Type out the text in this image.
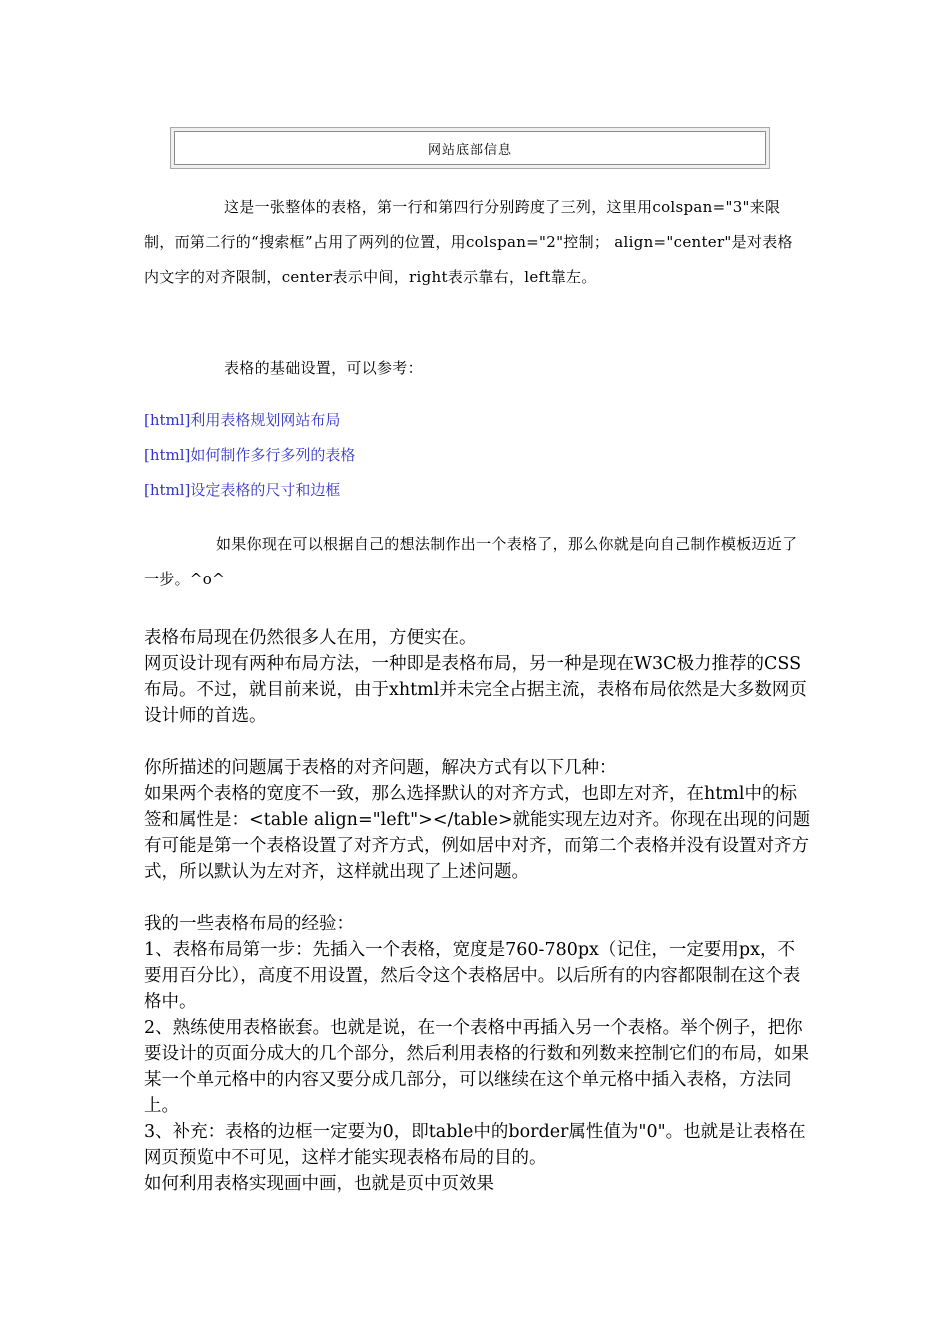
网站底部信息

这是一张整体的表格，第一行和第四行分别跨度了三列，这里用colspan="3"来限制，而第二行的“搜索框”占用了两列的位置，用colspan="2"控制； align="center"是对表格内文字的对齐限制，center表示中间，right表示靠右，left靠左。

表格的基础设置，可以参考：

[html]利用表格规划网站布局
[html]如何制作多行多列的表格
[html]设定表格的尺寸和边框

如果你现在可以根据自己的想法制作出一个表格了，那么你就是向自己制作模板迈近了一步。^o^

表格布局现在仍然很多人在用，方便实在。

网页设计现有两种布局方法，一种即是表格布局，另一种是现在W3C极力推荐的CSS布局。不过，就目前来说，由于xhtml并未完全占据主流，表格布局依然是大多数网页设计师的首选。

你所描述的问题属于表格的对齐问题，解决方式有以下几种：

如果两个表格的宽度不一致，那么选择默认的对齐方式，也即左对齐，在html中的标签和属性是：<table align="left"></table>就能实现左边对齐。你现在出现的问题有可能是第一个表格设置了对齐方式，例如居中对齐，而第二个表格并没有设置对齐方式，所以默认为左对齐，这样就出现了上述问题。

我的一些表格布局的经验：

1、表格布局第一步：先插入一个表格，宽度是760-780px（记住，一定要用px，不要用百分比），高度不用设置，然后令这个表格居中。以后所有的内容都限制在这个表格中。

2、熟练使用表格嵌套。也就是说，在一个表格中再插入另一个表格。举个例子，把你要设计的页面分成大的几个部分，然后利用表格的行数和列数来控制它们的布局，如果某一个单元格中的内容又要分成几部分，可以继续在这个单元格中插入表格，方法同上。

3、补充：表格的边框一定要为0，即table中的border属性值为"0"。也就是让表格在网页预览中不可见，这样才能实现表格布局的目的。

如何利用表格实现画中画，也就是页中页效果
